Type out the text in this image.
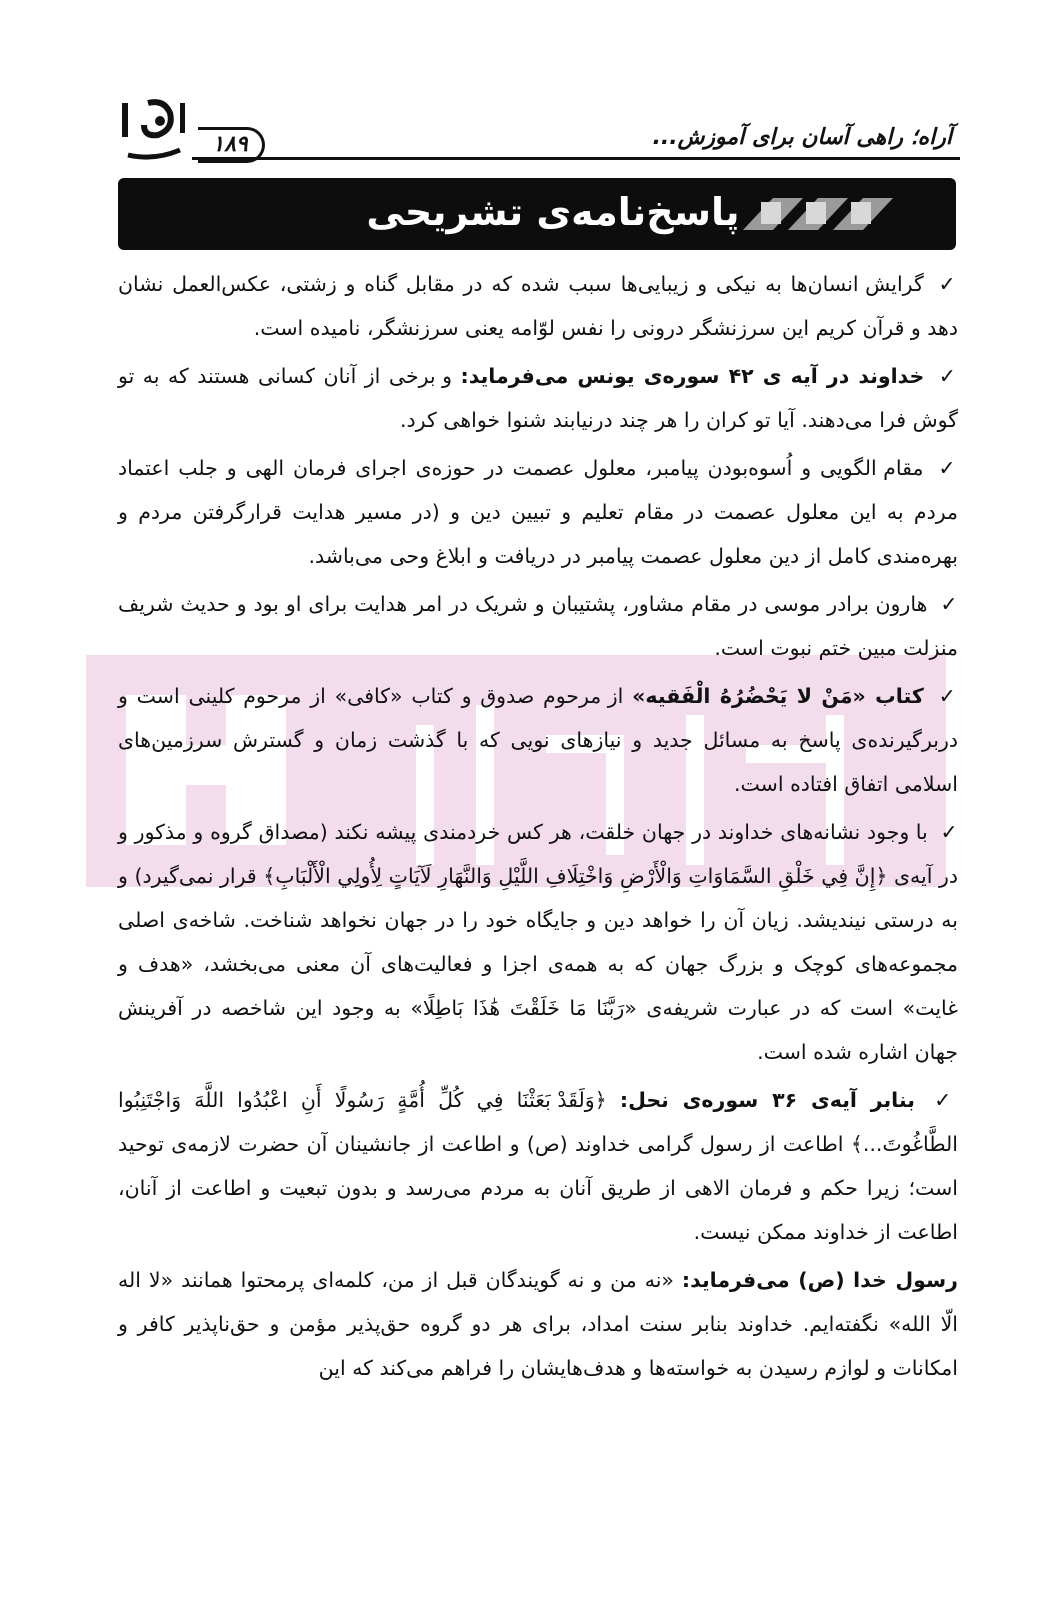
۱۸۹	آراه؛ راهی آسان برای آموزش...
پاسخ‌نامه‌ی تشریحی

✓ گرایش انسان‌ها به نیکی و زیبایی‌ها سبب شده که در مقابل گناه و زشتی، عکس‌العمل نشان دهد و قرآن کریم این سرزنشگر درونی را نفس لوّامه یعنی سرزنشگر، نامیده است.

✓ خداوند در آیه ی ۴۲ سوره‌ی یونس می‌فرماید: و برخی از آنان کسانی هستند که به تو گوش فرا می‌دهند. آیا تو کران را هر چند درنیابند شنوا خواهی کرد.

✓ مقام الگویی و اُسوه‌بودن پیامبر، معلول عصمت در حوزه‌ی اجرای فرمان الهی و جلب اعتماد مردم به این معلول عصمت در مقام تعلیم و تبیین دین و (در مسیر هدایت قرارگرفتن مردم و بهره‌مندی کامل از دین معلول عصمت پیامبر در دریافت و ابلاغ وحی می‌باشد.

✓ هارون برادر موسی در مقام مشاور، پشتیبان و شریک در امر هدایت برای او بود و حدیث شریف منزلت مبین ختم نبوت است.

✓ کتاب «مَنْ لا یَحْضُرُهُ الْفَقیه» از مرحوم صدوق و کتاب «کافی» از مرحوم کلینی است و دربرگیرنده‌ی پاسخ به مسائل جدید و نیازهای نویی که با گذشت زمان و گسترش سرزمین‌های اسلامی اتفاق افتاده است.

✓ با وجود نشانه‌های خداوند در جهان خلقت، هر کس خردمندی پیشه نکند (مصداق گروه و مذکور و در آیه‌ی ﴿إِنَّ فِي خَلْقِ السَّمَاوَاتِ وَالْأَرْضِ وَاخْتِلَافِ اللَّيْلِ وَالنَّهَارِ لَآيَاتٍ لِأُولِي الْأَلْبَابِ﴾ قرار نمی‌گیرد) و به درستی نیندیشد. زیان آن را خواهد دین و جایگاه خود را در جهان نخواهد شناخت. شاخه‌ی اصلی مجموعه‌های کوچک و بزرگ جهان که به همه‌ی اجزا و فعالیت‌های آن معنی می‌بخشد، «هدف و غایت» است که در عبارت شریفه‌ی «رَبَّنَا مَا خَلَقْتَ هَٰذَا بَاطِلًا» به وجود این شاخصه در آفرینش جهان اشاره شده است.

✓ بنابر آیه‌ی ۳۶ سوره‌ی نحل: ﴿وَلَقَدْ بَعَثْنَا فِي كُلِّ أُمَّةٍ رَسُولًا أَنِ اعْبُدُوا اللَّهَ وَاجْتَنِبُوا الطَّاغُوتَ...﴾ اطاعت از رسول گرامی خداوند (ص) و اطاعت از جانشینان آن حضرت لازمه‌ی توحید است؛ زیرا حکم و فرمان الاهی از طریق آنان به مردم می‌رسد و بدون تبعیت و اطاعت از آنان، اطاعت از خداوند ممکن نیست.

رسول خدا (ص) می‌فرماید: «نه من و نه گویندگان قبل از من، کلمه‌ای پرمحتوا همانند «لا اله الّا الله» نگفته‌ایم. خداوند بنابر سنت امداد، برای هر دو گروه حق‌پذیر مؤمن و حق‌ناپذیر کافر و امکانات و لوازم رسیدن به خواسته‌ها و هدف‌هایشان را فراهم می‌کند که این
